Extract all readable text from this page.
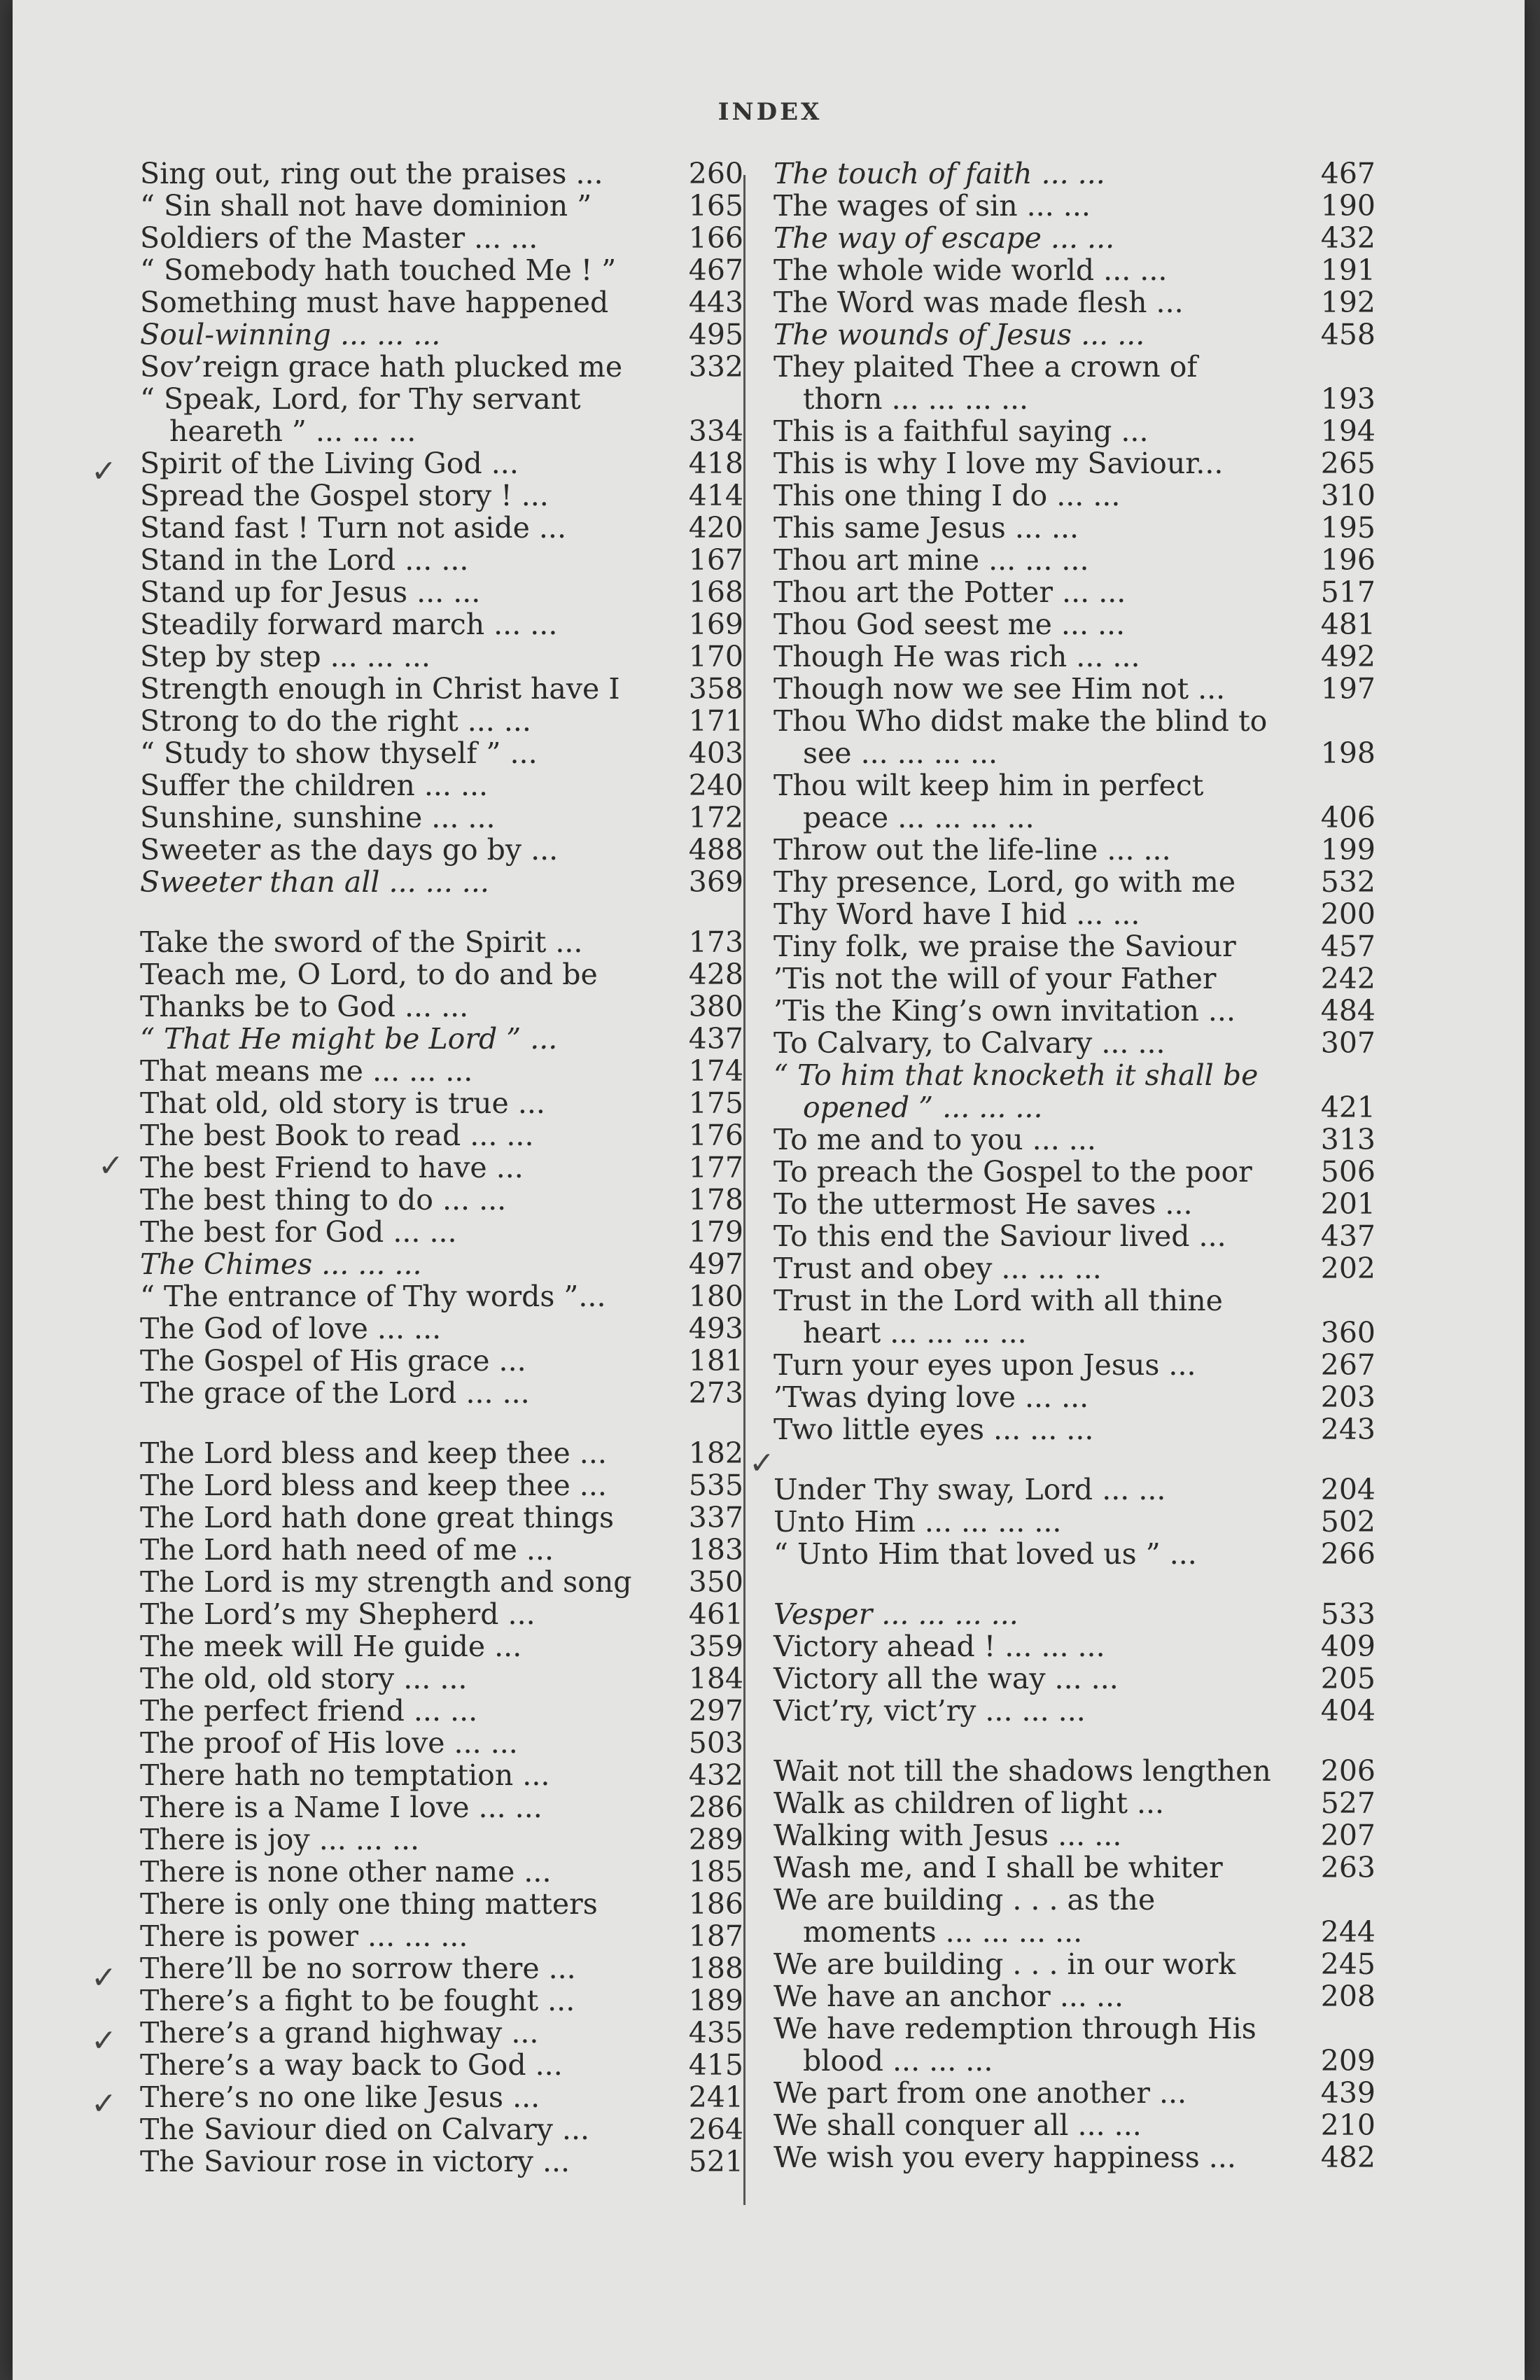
INDEX
Sing out, ring out the praises ...	260
“ Sin shall not have dominion ”	165
Soldiers of the Master ... ...	166
“ Somebody hath touched Me ! ”	467
Something must have happened	443
Soul-winning ... ... ...	495
Sov’reign grace hath plucked me	332
“ Speak, Lord, for Thy servant
heareth ” ... ... ...	334
Spirit of the Living God ...	418
Spread the Gospel story ! ...	414
Stand fast ! Turn not aside ...	420
Stand in the Lord ... ...	167
Stand up for Jesus ... ...	168
Steadily forward march ... ...	169
Step by step ... ... ...	170
Strength enough in Christ have I	358
Strong to do the right ... ...	171
“ Study to show thyself ” ...	403
Suffer the children ... ...	240
Sunshine, sunshine ... ...	172
Sweeter as the days go by ...	488
Sweeter than all ... ... ...	369
Take the sword of the Spirit ...	173
Teach me, O Lord, to do and be	428
Thanks be to God ... ...	380
“ That He might be Lord ” ...	437
That means me ... ... ...	174
That old, old story is true ...	175
The best Book to read ... ...	176
The best Friend to have ...	177
The best thing to do ... ...	178
The best for God ... ...	179
The Chimes ... ... ...	497
“ The entrance of Thy words ”...	180
The God of love ... ...	493
The Gospel of His grace ...	181
The grace of the Lord ... ...	273
The Lord bless and keep thee ...	182
The Lord bless and keep thee ...	535
The Lord hath done great things	337
The Lord hath need of me ...	183
The Lord is my strength and song	350
The Lord’s my Shepherd ...	461
The meek will He guide ...	359
The old, old story ... ...	184
The perfect friend ... ...	297
The proof of His love ... ...	503
There hath no temptation ...	432
There is a Name I love ... ...	286
There is joy ... ... ...	289
There is none other name ...	185
There is only one thing matters	186
There is power ... ... ...	187
There’ll be no sorrow there ...	188
There’s a fight to be fought ...	189
There’s a grand highway ...	435
There’s a way back to God ...	415
There’s no one like Jesus ...	241
The Saviour died on Calvary ...	264
The Saviour rose in victory ...	521
The touch of faith ... ...	467
The wages of sin ... ...	190
The way of escape ... ...	432
The whole wide world ... ...	191
The Word was made flesh ...	192
The wounds of Jesus ... ...	458
They plaited Thee a crown of
thorn ... ... ... ...	193
This is a faithful saying ...	194
This is why I love my Saviour...	265
This one thing I do ... ...	310
This same Jesus ... ...	195
Thou art mine ... ... ...	196
Thou art the Potter ... ...	517
Thou God seest me ... ...	481
Though He was rich ... ...	492
Though now we see Him not ...	197
Thou Who didst make the blind to
see ... ... ... ...	198
Thou wilt keep him in perfect
peace ... ... ... ...	406
Throw out the life-line ... ...	199
Thy presence, Lord, go with me	532
Thy Word have I hid ... ...	200
Tiny folk, we praise the Saviour	457
’Tis not the will of your Father	242
’Tis the King’s own invitation ...	484
To Calvary, to Calvary ... ...	307
“ To him that knocketh it shall be
opened ” ... ... ...	421
To me and to you ... ...	313
To preach the Gospel to the poor	506
To the uttermost He saves ...	201
To this end the Saviour lived ...	437
Trust and obey ... ... ...	202
Trust in the Lord with all thine
heart ... ... ... ...	360
Turn your eyes upon Jesus ...	267
’Twas dying love ... ...	203
Two little eyes ... ... ...	243
Under Thy sway, Lord ... ...	204
Unto Him ... ... ... ...	502
“ Unto Him that loved us ” ...	266
Vesper ... ... ... ...	533
Victory ahead ! ... ... ...	409
Victory all the way ... ...	205
Vict’ry, vict’ry ... ... ...	404
Wait not till the shadows lengthen	206
Walk as children of light ...	527
Walking with Jesus ... ...	207
Wash me, and I shall be whiter	263
We are building . . . as the
moments ... ... ... ...	244
We are building . . . in our work	245
We have an anchor ... ...	208
We have redemption through His
blood ... ... ...	209
We part from one another ...	439
We shall conquer all ... ...	210
We wish you every happiness ...	482
✓
✓
✓
✓
✓
✓
